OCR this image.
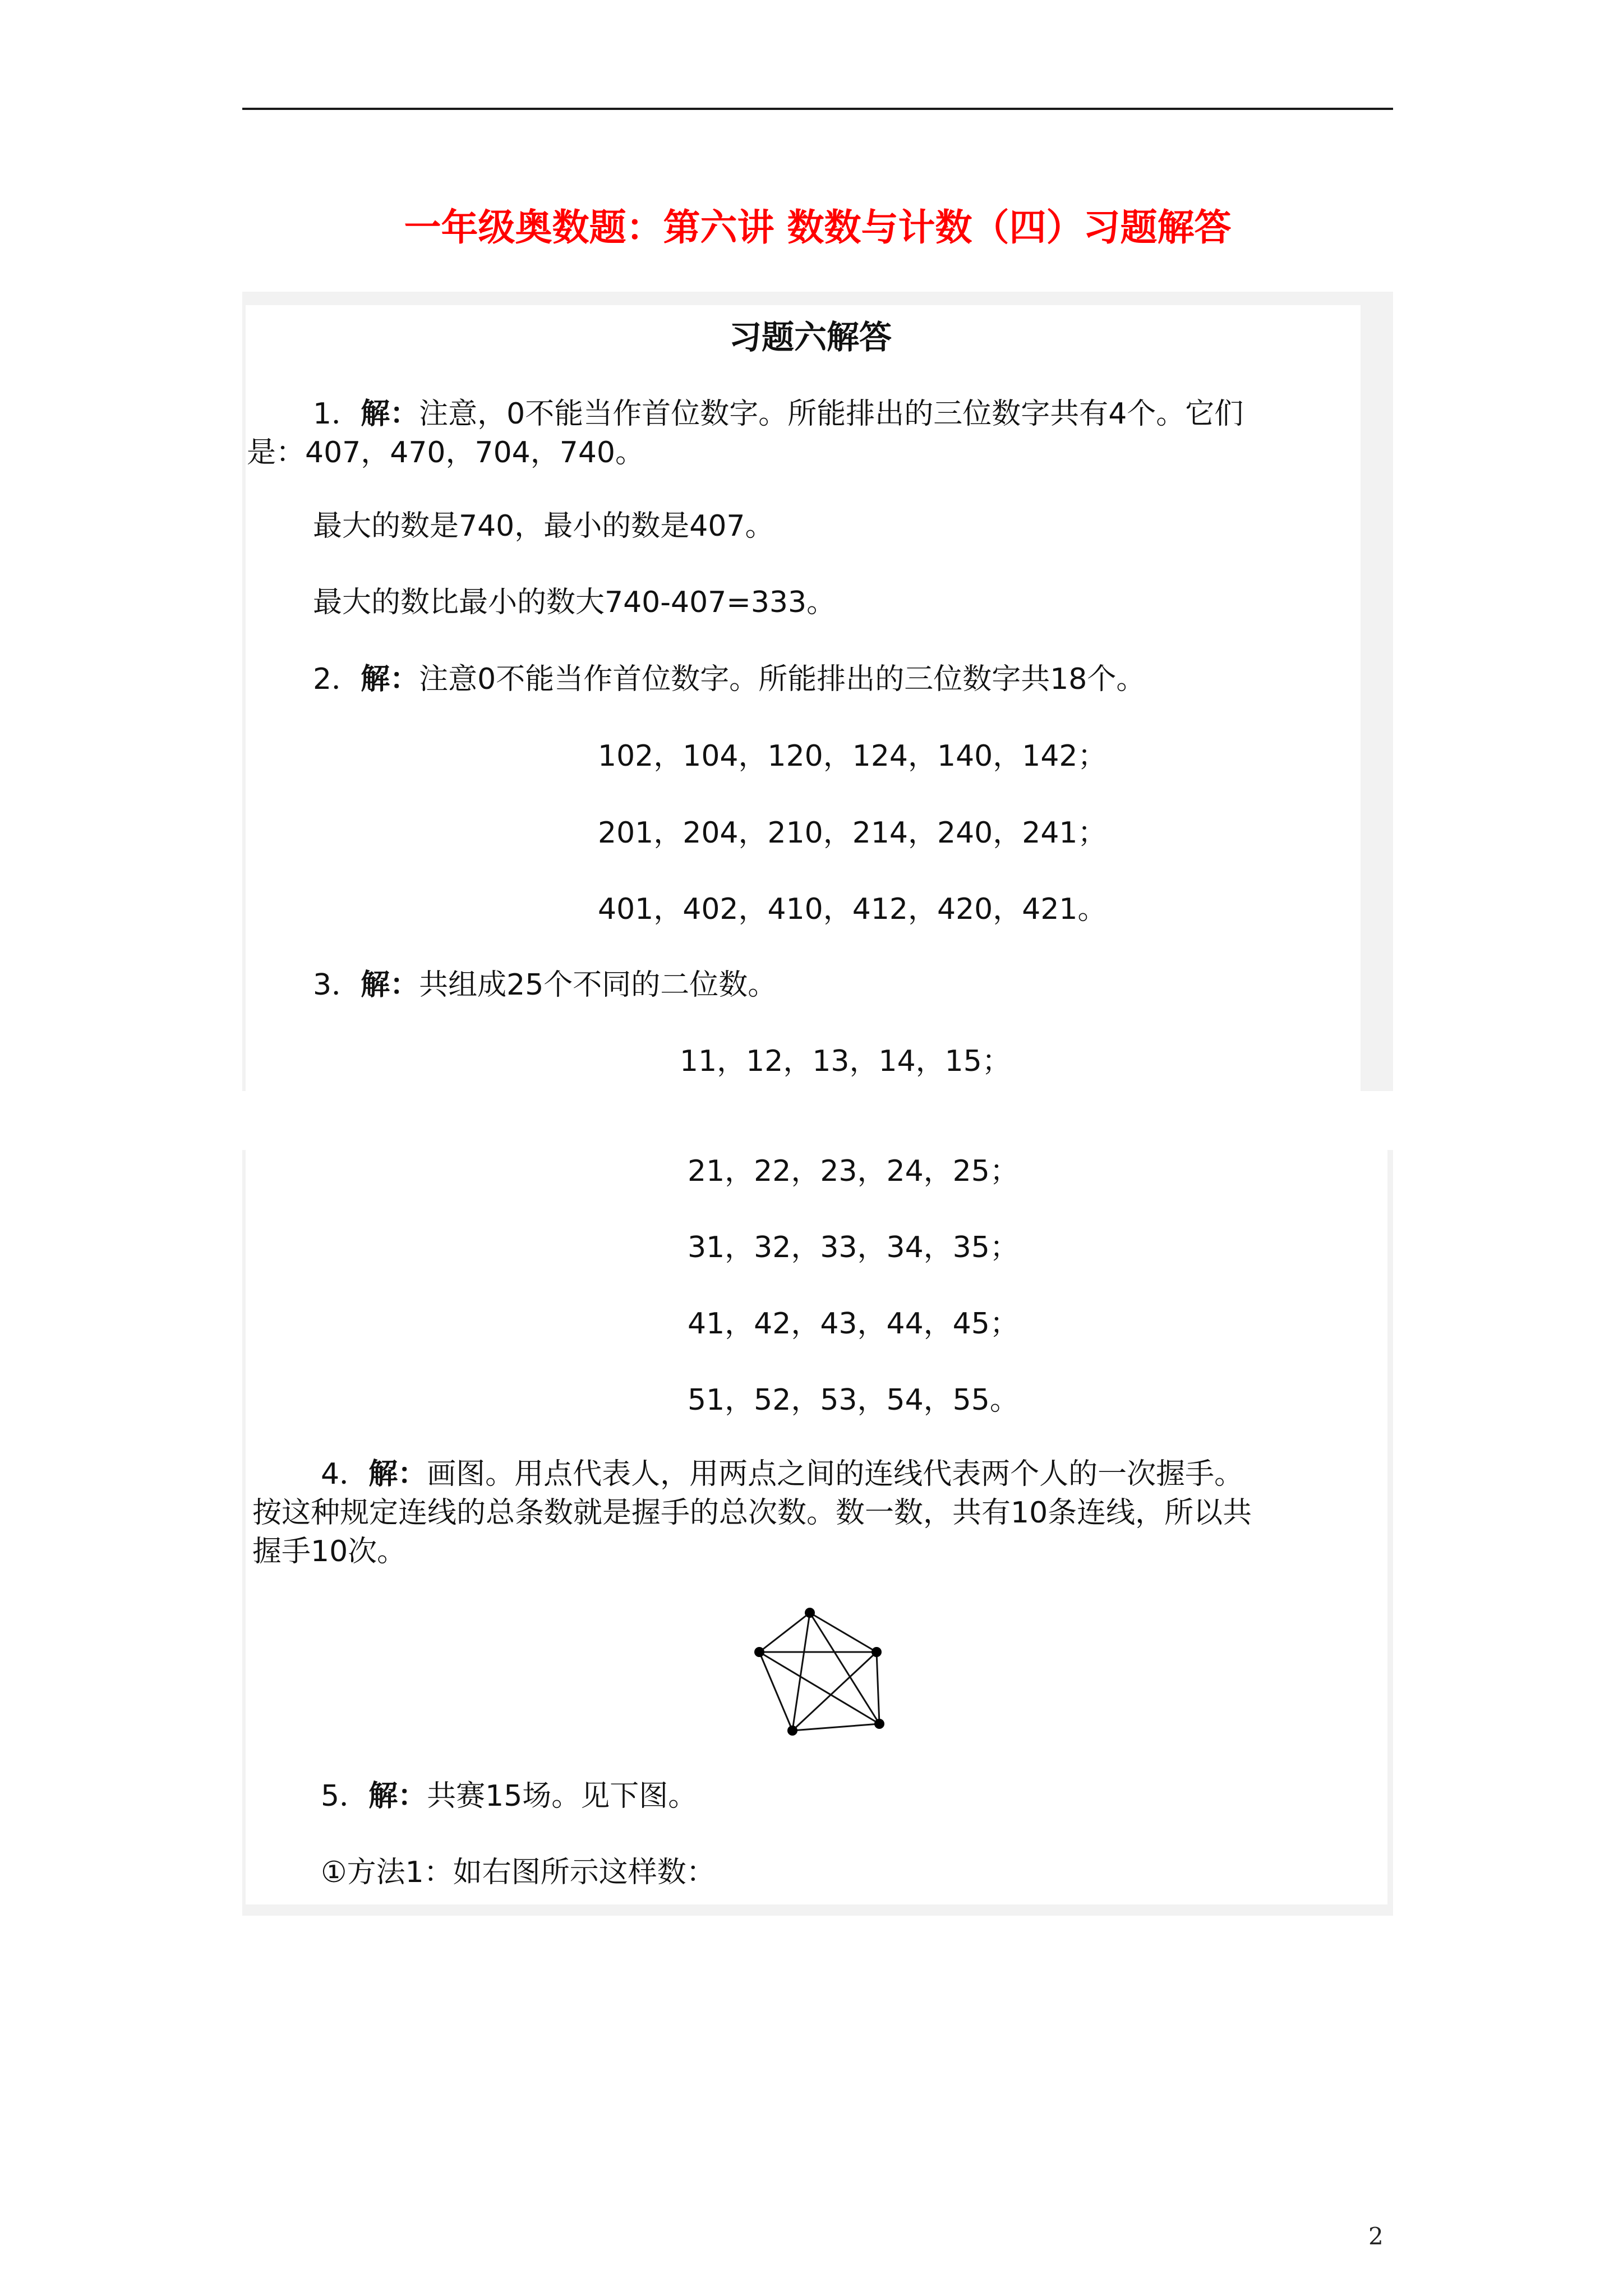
一年级奥数题：第六讲 数数与计数（四）习题解答
习题六解答
1．解：注意，0不能当作首位数字。所能排出的三位数字共有4个。它们
是：407，470，704，740。
最大的数是740，最小的数是407。
最大的数比最小的数大740-407=333。
2．解：注意0不能当作首位数字。所能排出的三位数字共18个。
102，104，120，124，140，142；
201，204，210，214，240，241；
401，402，410，412，420，421。
3．解：共组成25个不同的二位数。
11，12，13，14，15；
21，22，23，24，25；
31，32，33，34，35；
41，42，43，44，45；
51，52，53，54，55。
4．解：画图。用点代表人，用两点之间的连线代表两个人的一次握手。
按这种规定连线的总条数就是握手的总次数。数一数，共有10条连线，所以共
握手10次。
5．解：共赛15场。见下图。
①方法1：如右图所示这样数：
2
